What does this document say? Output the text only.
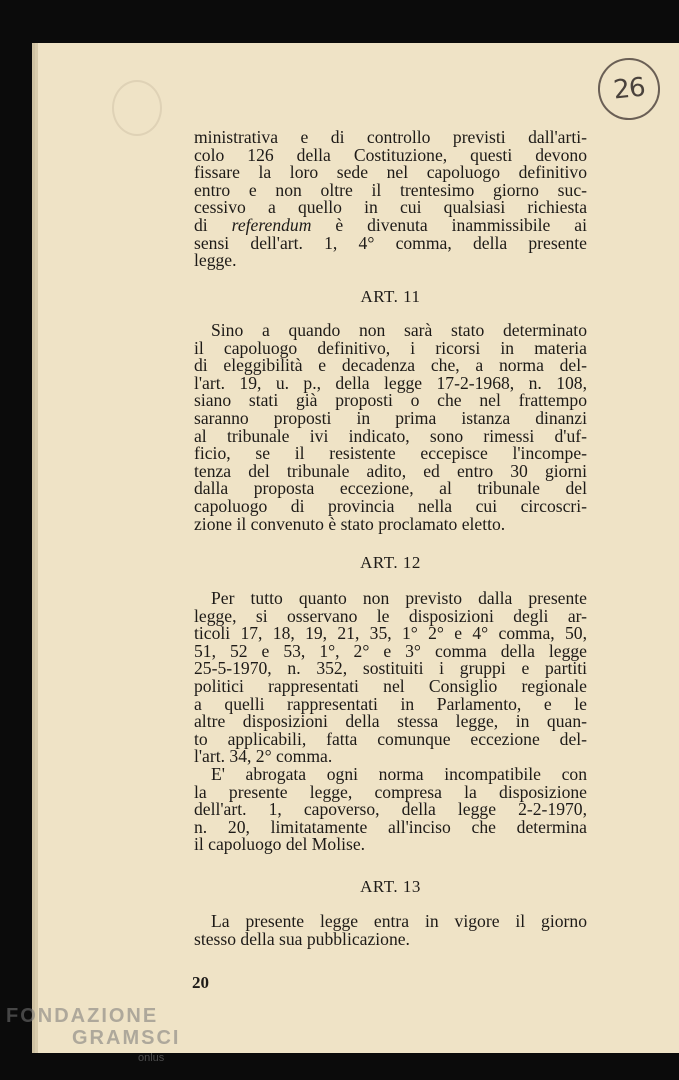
26
ministrativa e di controllo previsti dall'arti-
colo 126 della Costituzione, questi devono
fissare la loro sede nel capoluogo definitivo
entro e non oltre il trentesimo giorno suc-
cessivo a quello in cui qualsiasi richiesta
di referendum è divenuta inammissibile ai
sensi dell'art. 1, 4° comma, della presente
legge.
ART. 11
Sino a quando non sarà stato determinato
il capoluogo definitivo, i ricorsi in materia
di eleggibilità e decadenza che, a norma del-
l'art. 19, u. p., della legge 17-2-1968, n. 108,
siano stati già proposti o che nel frattempo
saranno proposti in prima istanza dinanzi
al tribunale ivi indicato, sono rimessi d'uf-
ficio, se il resistente eccepisce l'incompe-
tenza del tribunale adito, ed entro 30 giorni
dalla proposta eccezione, al tribunale del
capoluogo di provincia nella cui circoscri-
zione il convenuto è stato proclamato eletto.
ART. 12
Per tutto quanto non previsto dalla presente
legge, si osservano le disposizioni degli ar-
ticoli 17, 18, 19, 21, 35, 1° 2° e 4° comma, 50,
51, 52 e 53, 1°, 2° e 3° comma della legge
25-5-1970, n. 352, sostituiti i gruppi e partiti
politici rappresentati nel Consiglio regionale
a quelli rappresentati in Parlamento, e le
altre disposizioni della stessa legge, in quan-
to applicabili, fatta comunque eccezione del-
l'art. 34, 2° comma.
E' abrogata ogni norma incompatibile con
la presente legge, compresa la disposizione
dell'art. 1, capoverso, della legge 2-2-1970,
n. 20, limitatamente all'inciso che determina
il capoluogo del Molise.
ART. 13
La presente legge entra in vigore il giorno
stesso della sua pubblicazione.
20
FONDAZIONE
GRAMSCI
onlus
